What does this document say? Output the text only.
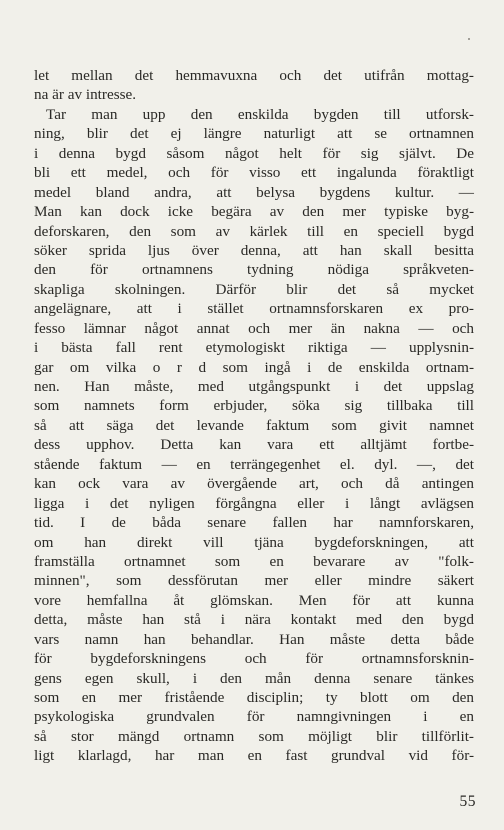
let mellan det hemmavuxna och det utifrån mottag-
na är av intresse.
Tar man upp den enskilda bygden till utforsk-
ning, blir det ej längre naturligt att se ortnamnen
i denna bygd såsom något helt för sig självt. De
bli ett medel, och för visso ett ingalunda föraktligt
medel bland andra, att belysa bygdens kultur. —
Man kan dock icke begära av den mer typiske byg-
deforskaren, den som av kärlek till en speciell bygd
söker sprida ljus över denna, att han skall besitta
den för ortnamnens tydning nödiga språkveten-
skapliga skolningen. Därför blir det så mycket
angelägnare, att i stället ortnamnsforskaren ex pro-
fesso lämnar något annat och mer än nakna — och
i bästa fall rent etymologiskt riktiga — upplysnin-
gar om vilka o r d som ingå i de enskilda ortnam-
nen. Han måste, med utgångspunkt i det uppslag
som namnets form erbjuder, söka sig tillbaka till
så att säga det levande faktum som givit namnet
dess upphov. Detta kan vara ett alltjämt fortbe-
stående faktum — en terrängegenhet el. dyl. —, det
kan ock vara av övergående art, och då antingen
ligga i det nyligen förgångna eller i långt avlägsen
tid. I de båda senare fallen har namnforskaren,
om han direkt vill tjäna bygdeforskningen, att
framställa ortnamnet som en bevarare av "folk-
minnen", som dessförutan mer eller mindre säkert
vore hemfallna åt glömskan. Men för att kunna
detta, måste han stå i nära kontakt med den bygd
vars namn han behandlar. Han måste detta både
för bygdeforskningens och för ortnamnsforsknin-
gens egen skull, i den mån denna senare tänkes
som en mer fristående disciplin; ty blott om den
psykologiska grundvalen för namngivningen i en
så stor mängd ortnamn som möjligt blir tillförlit-
ligt klarlagd, har man en fast grundval vid för-
55
